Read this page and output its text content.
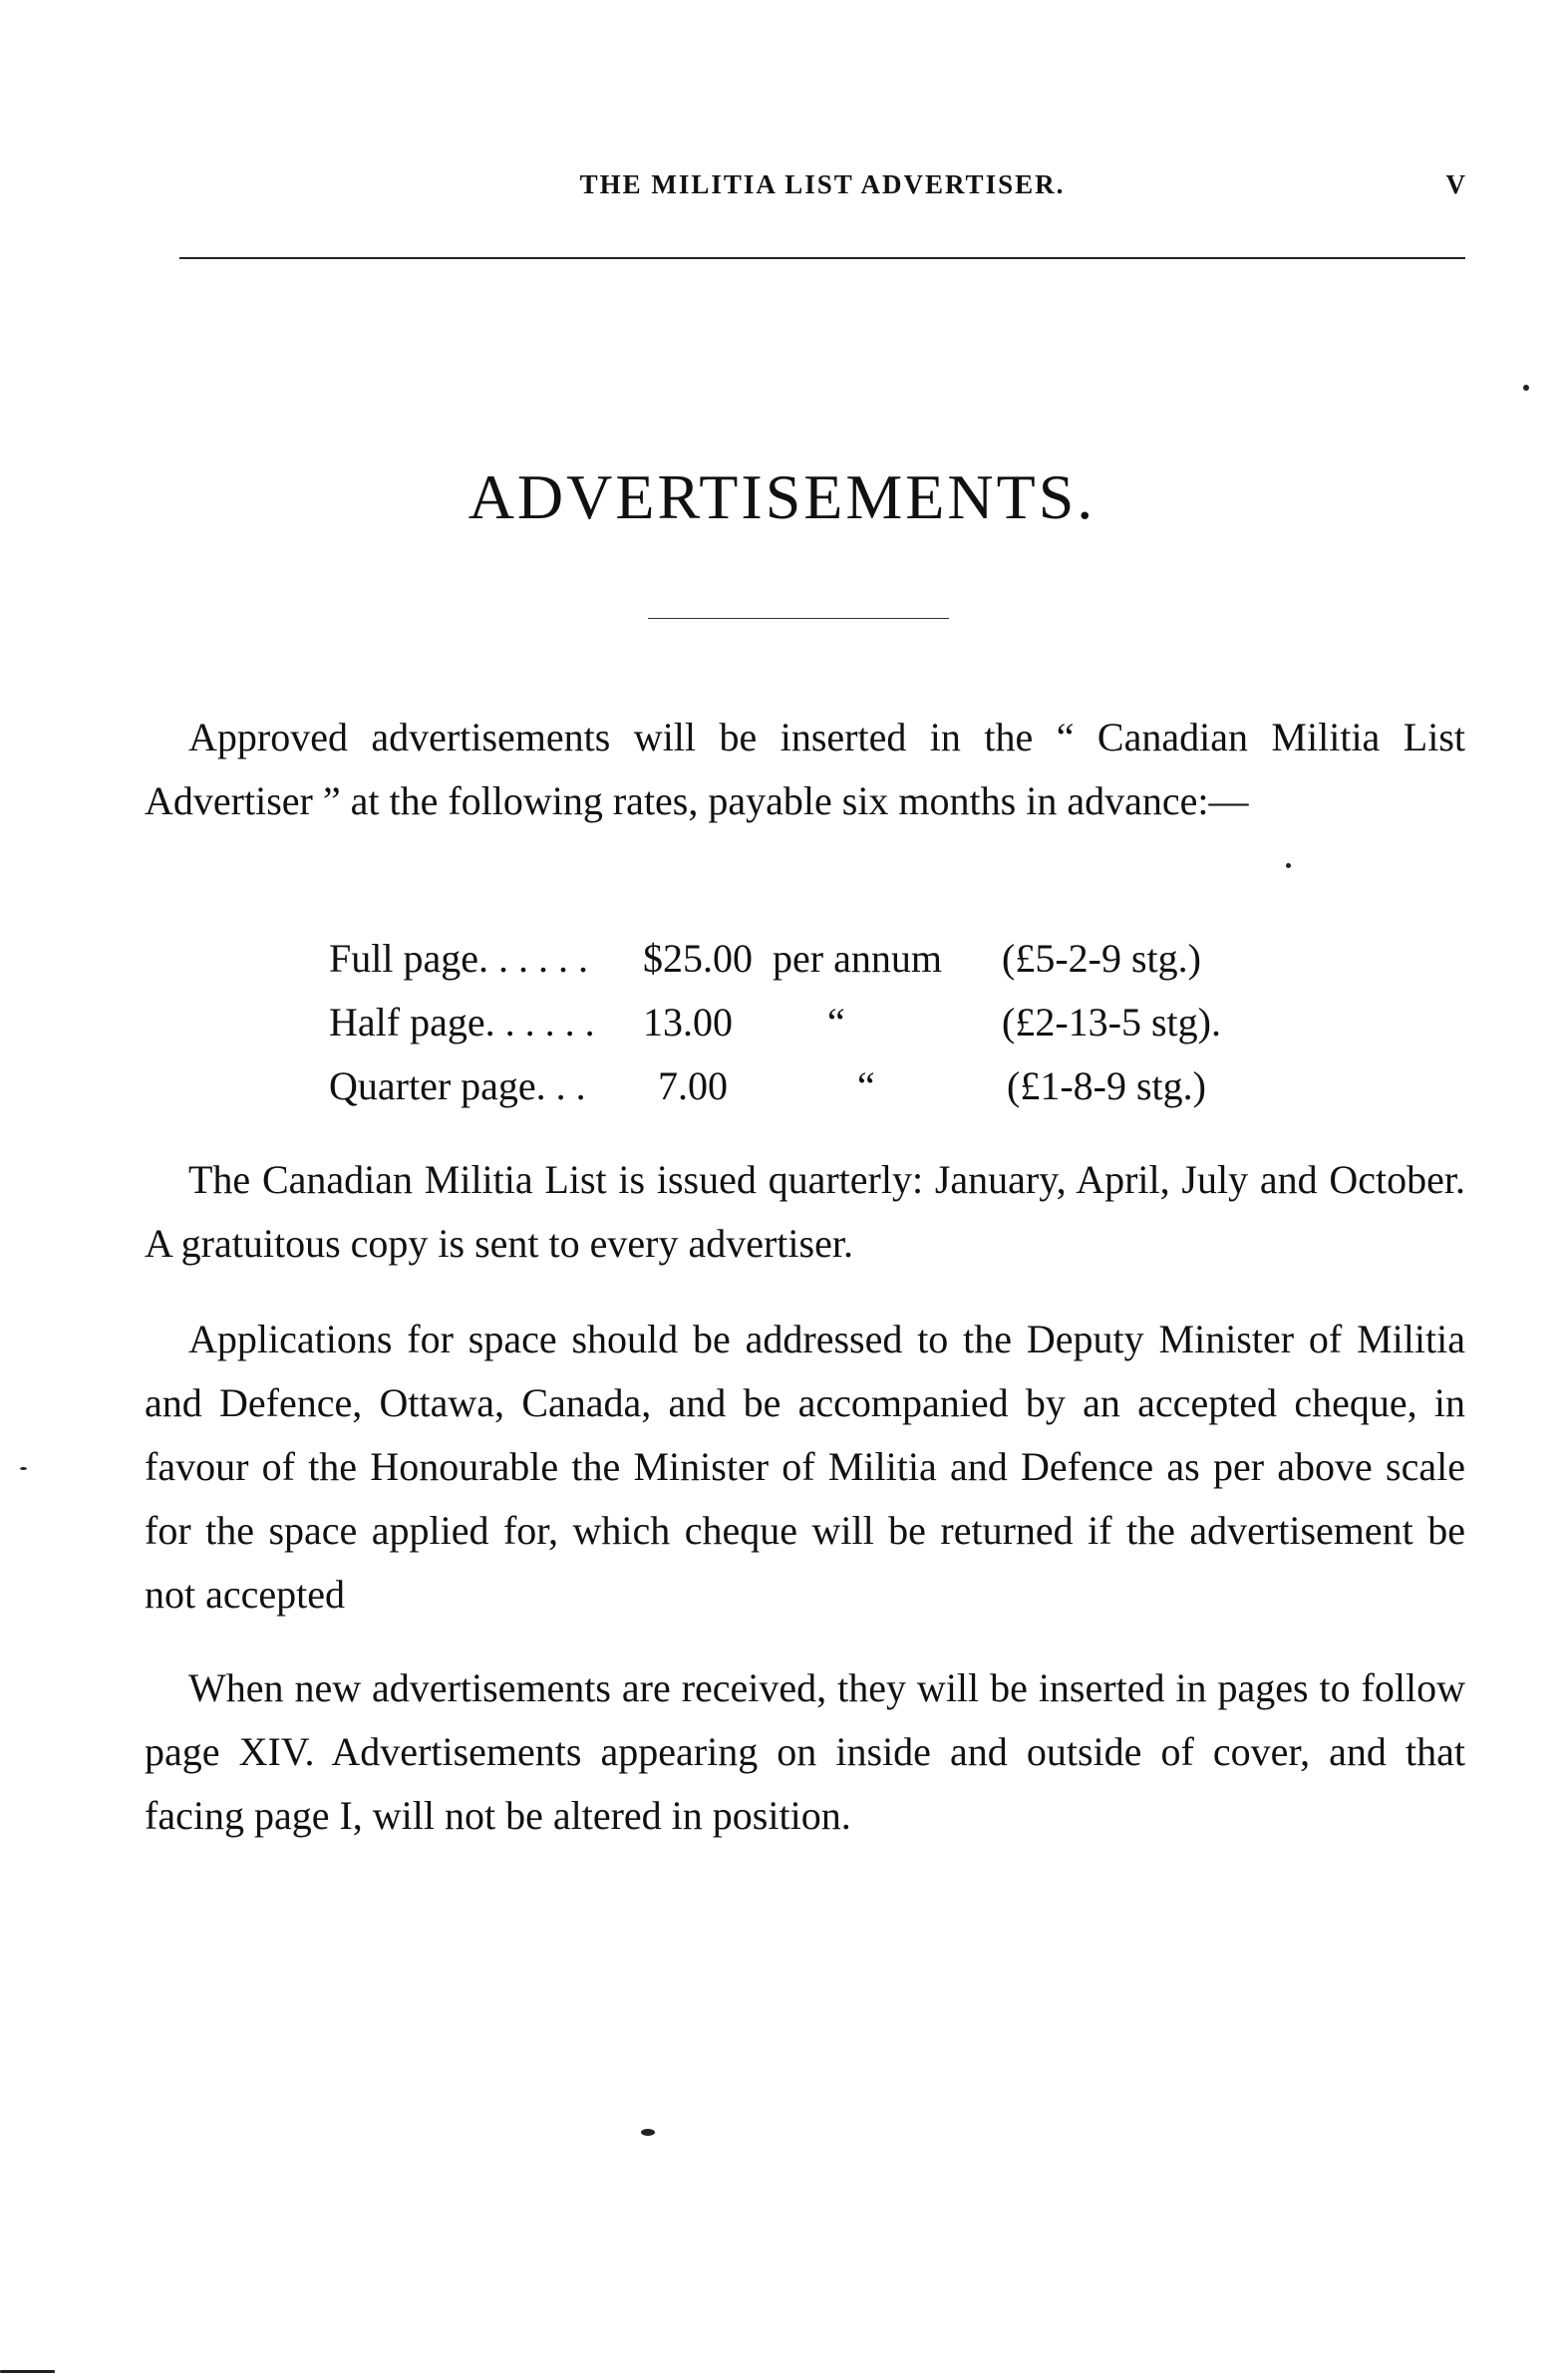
THE MILITIA LIST ADVERTISER.	V
ADVERTISEMENTS.

Approved advertisements will be inserted in the “ Canadian Militia List Advertiser ” at the following rates, payable six months in advance:—

Full page. . . . . . $25.00 per annum (£5-2-9 stg.)
Half page. . . . . . 13.00 “	(£2-13-5 stg).
Quarter page. . . 7.00	“	(£1-8-9 stg.)

The Canadian Militia List is issued quarterly: January, April, July and October. A gratuitous copy is sent to every advertiser.

Applications for space should be addressed to the Deputy Minister of Militia and Defence, Ottawa, Canada, and be accompanied by an accepted cheque, in favour of the Honourable the Minister of Militia and Defence as per above scale for the space applied for, which cheque will be returned if the advertisement be not accepted

When new advertisements are received, they will be inserted in pages to follow page XIV. Advertisements appearing on inside and outside of cover, and that facing page I, will not be altered in position.
